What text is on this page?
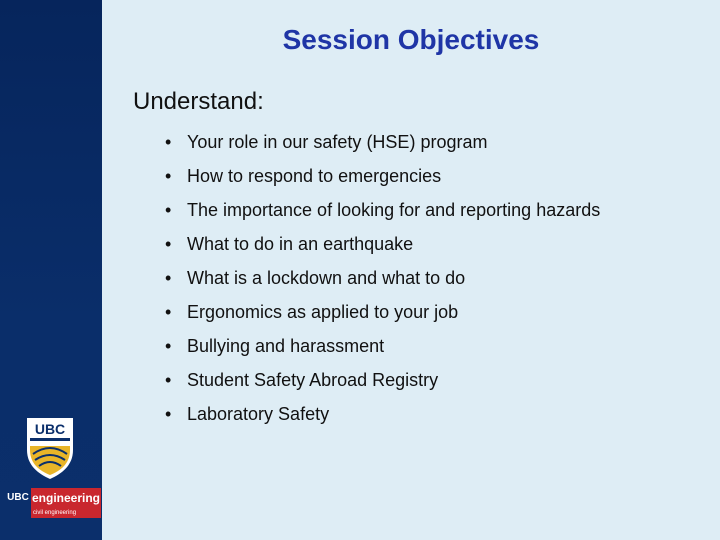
UBC
UBC engineering
civil engineering
Session Objectives
Understand:
• Your role in our safety (HSE) program
• How to respond to emergencies
• The importance of looking for and reporting hazards
• What to do in an earthquake
• What is a lockdown and what to do
• Ergonomics as applied to your job
• Bullying and harassment
• Student Safety Abroad Registry
• Laboratory Safety
